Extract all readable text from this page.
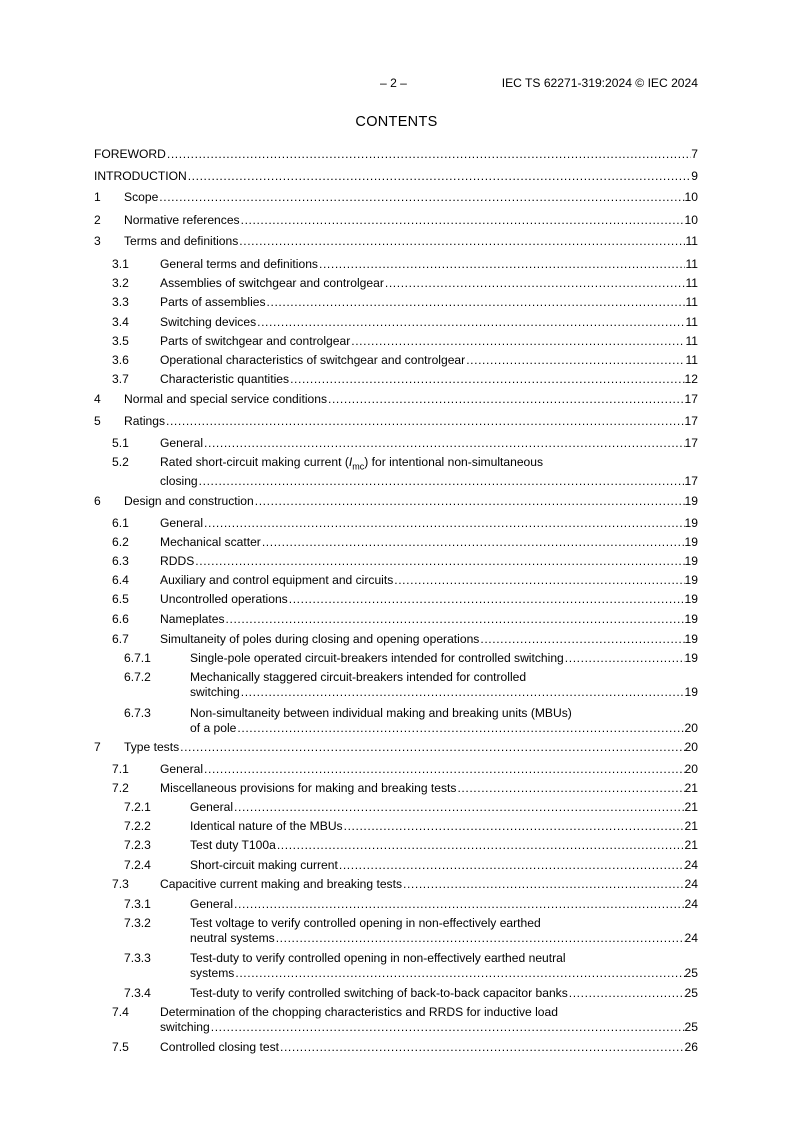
– 2 –	IEC TS 62271-319:2024 © IEC 2024
CONTENTS
FOREWORD .....	7
INTRODUCTION .....	9
1 Scope .....	10
2 Normative references .....	10
3 Terms and definitions .....	11
3.1	General terms and definitions .....	11
3.2	Assemblies of switchgear and controlgear .....	11
3.3	Parts of assemblies .....	11
3.4	Switching devices .....	11
3.5	Parts of switchgear and controlgear .....	11
3.6	Operational characteristics of switchgear and controlgear .....	11
3.7	Characteristic quantities .....	12
4 Normal and special service conditions .....	17
5 Ratings .....	17
5.1	General .....	17
5.2	Rated short-circuit making current $(I_{mc})$ for intentional non-simultaneous
closing .....	17
6 Design and construction .....	19
6.1	General .....	19
6.2	Mechanical scatter .....	19
6.3	RDDS .....	19
6.4	Auxiliary and control equipment and circuits .....	19
6.5	Uncontrolled operations .....	19
6.6	Nameplates .....	19
6.7	Simultaneity of poles during closing and opening operations .....	19
6.7.1	Single-pole operated circuit-breakers intended for controlled switching .....	19
6.7.2	Mechanically staggered circuit-breakers intended for controlled
switching .....	19
6.7.3	Non-simultaneity between individual making and breaking units (MBUs)
of a pole .....	20
7 Type tests .....	20
7.1	General .....	20
7.2	Miscellaneous provisions for making and breaking tests .....	21
7.2.1	General .....	21
7.2.2	Identical nature of the MBUs .....	21
7.2.3	Test duty T100a .....	21
7.2.4	Short-circuit making current .....	24
7.3	Capacitive current making and breaking tests .....	24
7.3.1	General .....	24
7.3.2	Test voltage to verify controlled opening in non-effectively earthed
neutral systems .....	24
7.3.3	Test-duty to verify controlled opening in non-effectively earthed neutral
systems .....	25
7.3.4	Test-duty to verify controlled switching of back-to-back capacitor banks .....	25
7.4	Determination of the chopping characteristics and RRDS for inductive load
switching .....	25
7.5	Controlled closing test .....	26
